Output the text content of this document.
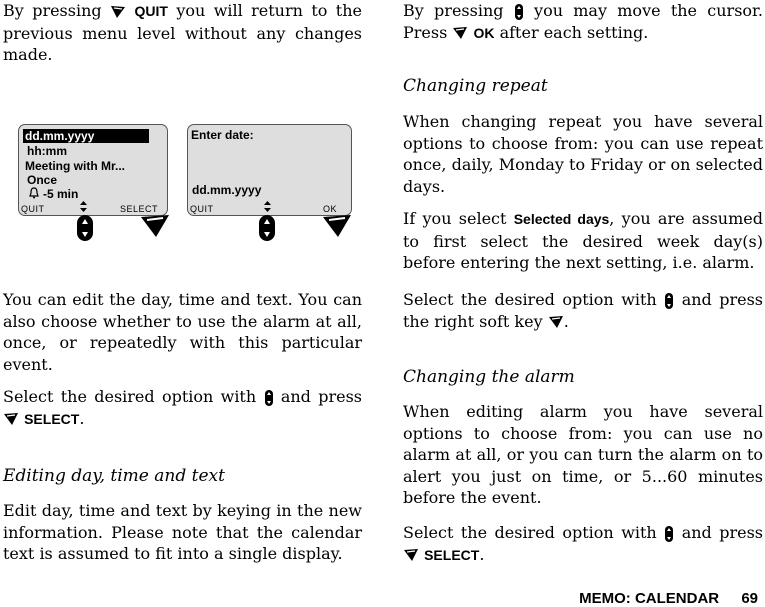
By pressing QUIT you will return to the previous menu level without any changes made.

You can edit the day, time and text. You can also choose whether to use the alarm at all, once, or repeatedly with this particular event.

Select the desired option with and press
SELECT.

Editing day, time and text

Edit day, time and text by keying in the new information. Please note that the calendar text is assumed to fit into a single display.

dd.mm.yyyy
hh:mm
Meeting with Mr...
Once
-5 min
QUIT	SELECT
Enter date:
dd.mm.yyyy
QUIT	OK

By pressing you may move the cursor. Press OK after each setting.

Changing repeat

When changing repeat you have several options to choose from: you can use repeat once, daily, Monday to Friday or on selected days.

If you select Selected days, you are assumed to first select the desired week day(s) before entering the next setting, i.e. alarm.

Select the desired option with and press the right soft key .

Changing the alarm

When editing alarm you have several options to choose from: you can use no alarm at all, or you can turn the alarm on to alert you just on time, or 5...60 minutes before the event.

Select the desired option with and press
SELECT.

MEMO: CALENDAR 69
